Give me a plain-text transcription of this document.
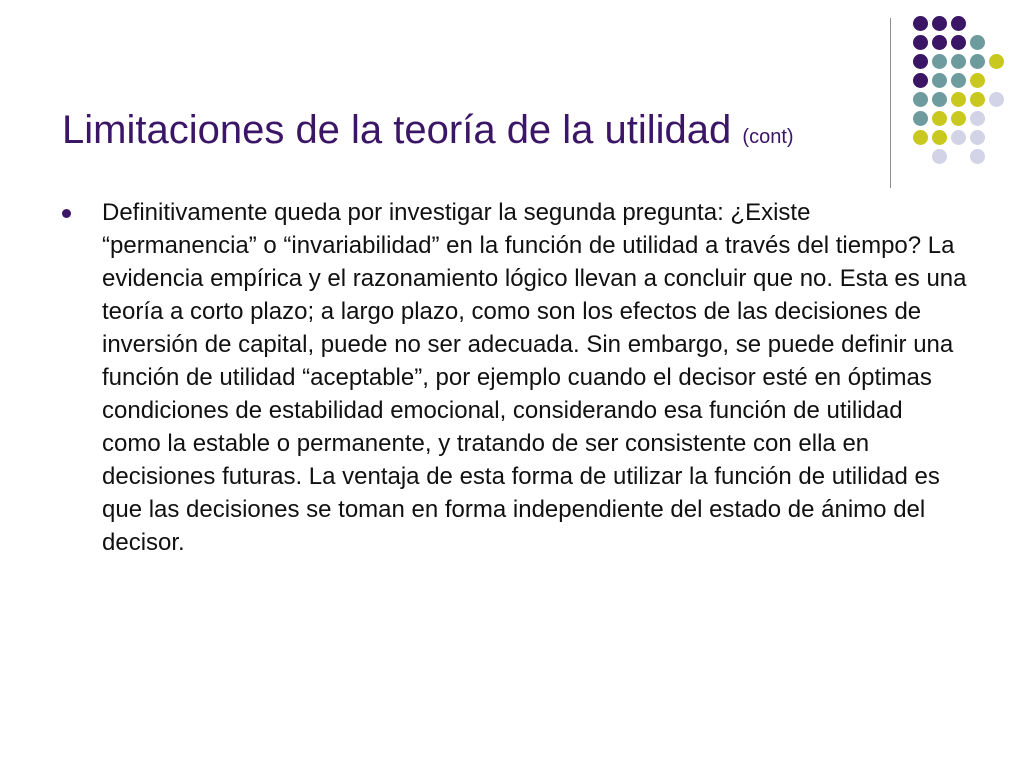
Limitaciones de la teoría de la utilidad (cont)

Definitivamente queda por investigar la segunda pregunta: ¿Existe “permanencia” o “invariabilidad” en la función de utilidad a través del tiempo? La evidencia empírica y el razonamiento lógico llevan a concluir que no. Esta es una teoría a corto plazo; a largo plazo, como son los efectos de las decisiones de inversión de capital, puede no ser adecuada. Sin embargo, se puede definir una función de utilidad “aceptable”, por ejemplo cuando el decisor esté en óptimas condiciones de estabilidad emocional, considerando esa función de utilidad como la estable o permanente, y tratando de ser consistente con ella en decisiones futuras. La ventaja de esta forma de utilizar la función de utilidad es que las decisiones se toman en forma independiente del estado de ánimo del decisor.
